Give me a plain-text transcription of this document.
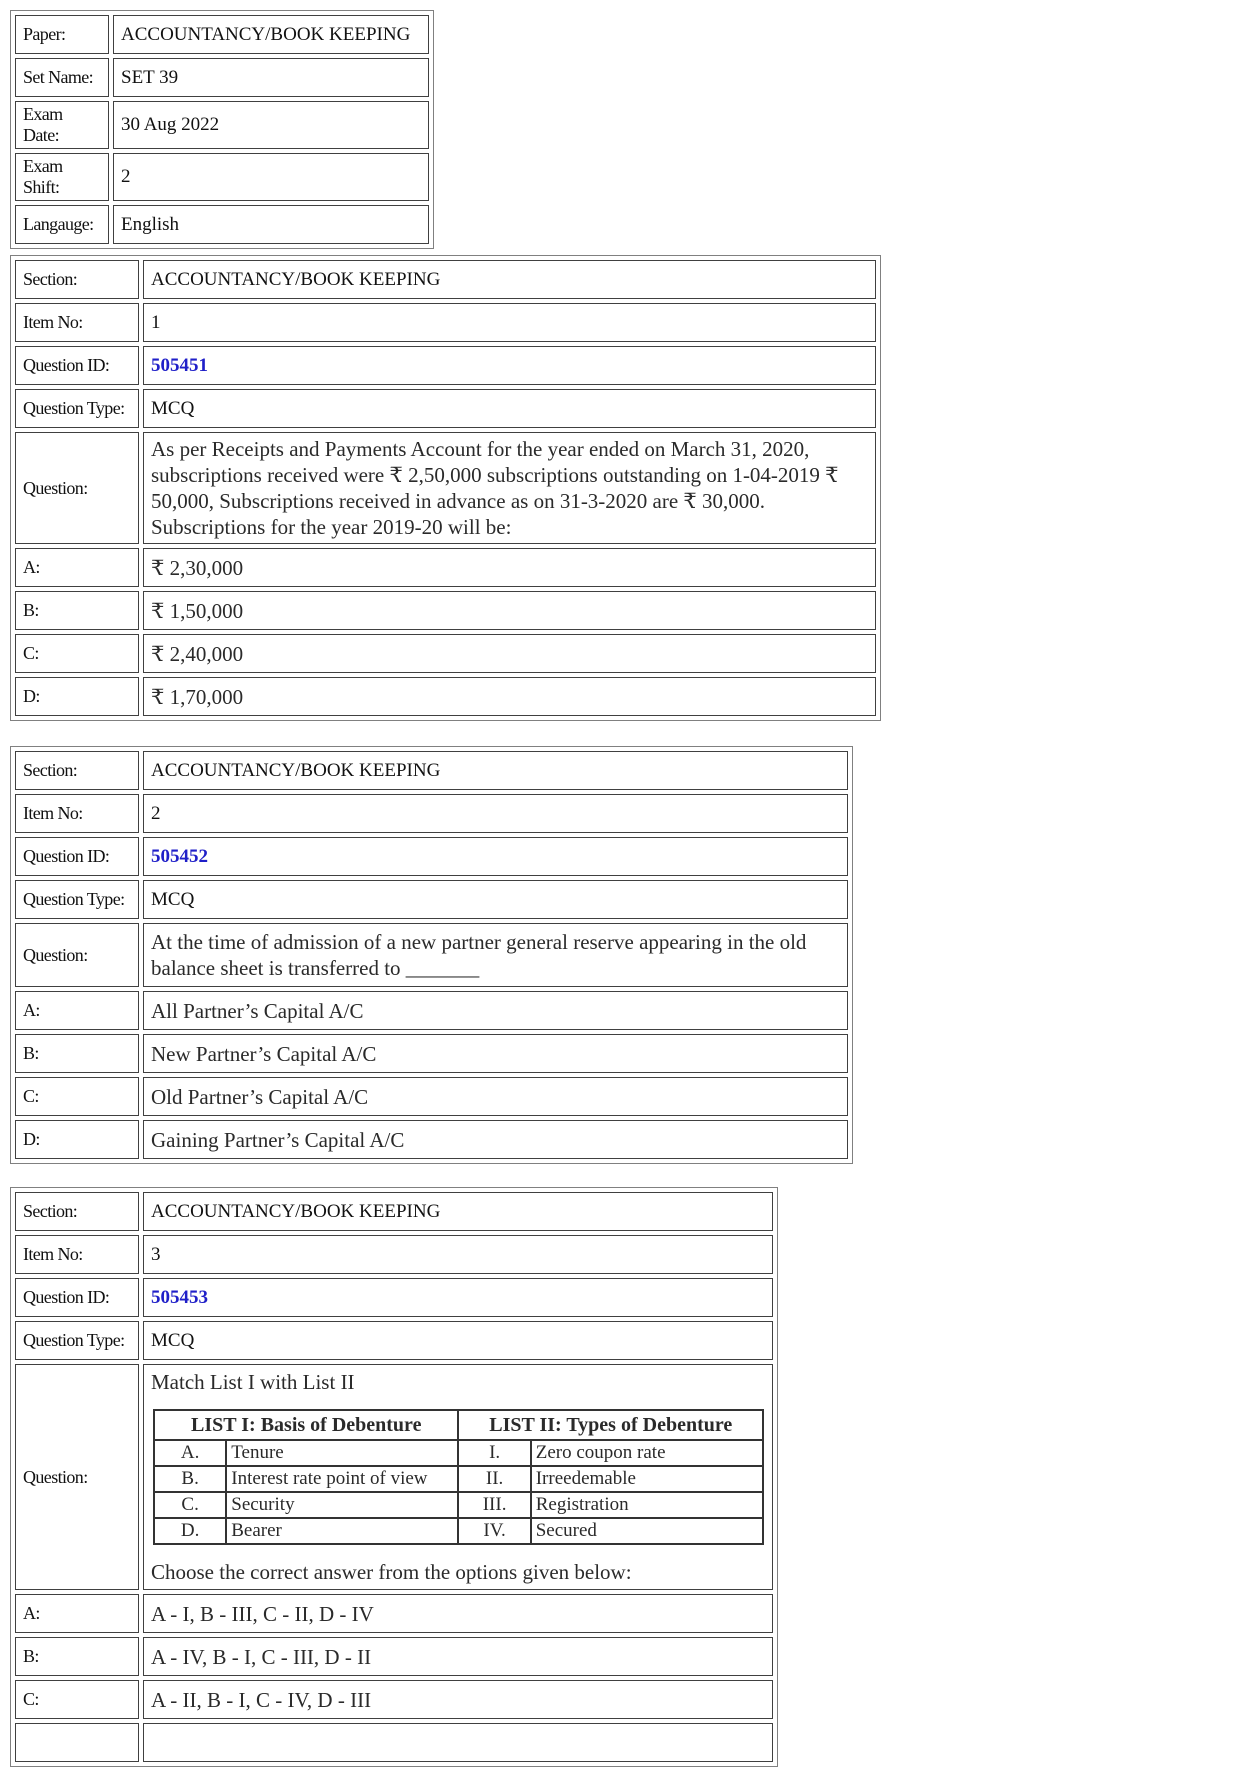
Paper:	ACCOUNTANCY/BOOK KEEPING
Set Name:	SET 39
Exam Date:	30 Aug 2022
Exam Shift:	2
Langauge:	English
Section:	ACCOUNTANCY/BOOK KEEPING
Item No:	1
Question ID:	505451
Question Type:	MCQ
Question:	As per Receipts and Payments Account for the year ended on March 31, 2020, subscriptions received were ₹ 2,50,000 subscriptions outstanding on 1-04-2019 ₹ 50,000, Subscriptions received in advance as on 31-3-2020 are ₹ 30,000. Subscriptions for the year 2019-20 will be:
A:	₹ 2,30,000
B:	₹ 1,50,000
C:	₹ 2,40,000
D:	₹ 1,70,000
Section:	ACCOUNTANCY/BOOK KEEPING
Item No:	2
Question ID:	505452
Question Type:	MCQ
Question:	At the time of admission of a new partner general reserve appearing in the old balance sheet is transferred to _______
A:	All Partner’s Capital A/C
B:	New Partner’s Capital A/C
C:	Old Partner’s Capital A/C
D:	Gaining Partner’s Capital A/C
Section:	ACCOUNTANCY/BOOK KEEPING
Item No:	3
Question ID:	505453
Question Type:	MCQ
Question:	
Match List I with List II
LIST I: Basis of Debenture	LIST II: Types of Debenture
A.	Tenure	I.	Zero coupon rate
B.	Interest rate point of view	II.	Irreedemable
C.	Security	III.	Registration
D.	Bearer	IV.	Secured
Choose the correct answer from the options given below:

A:	A - I, B - III, C - II, D - IV
B:	A - IV, B - I, C - III, D - II
C:	A - II, B - I, C - IV, D - III
